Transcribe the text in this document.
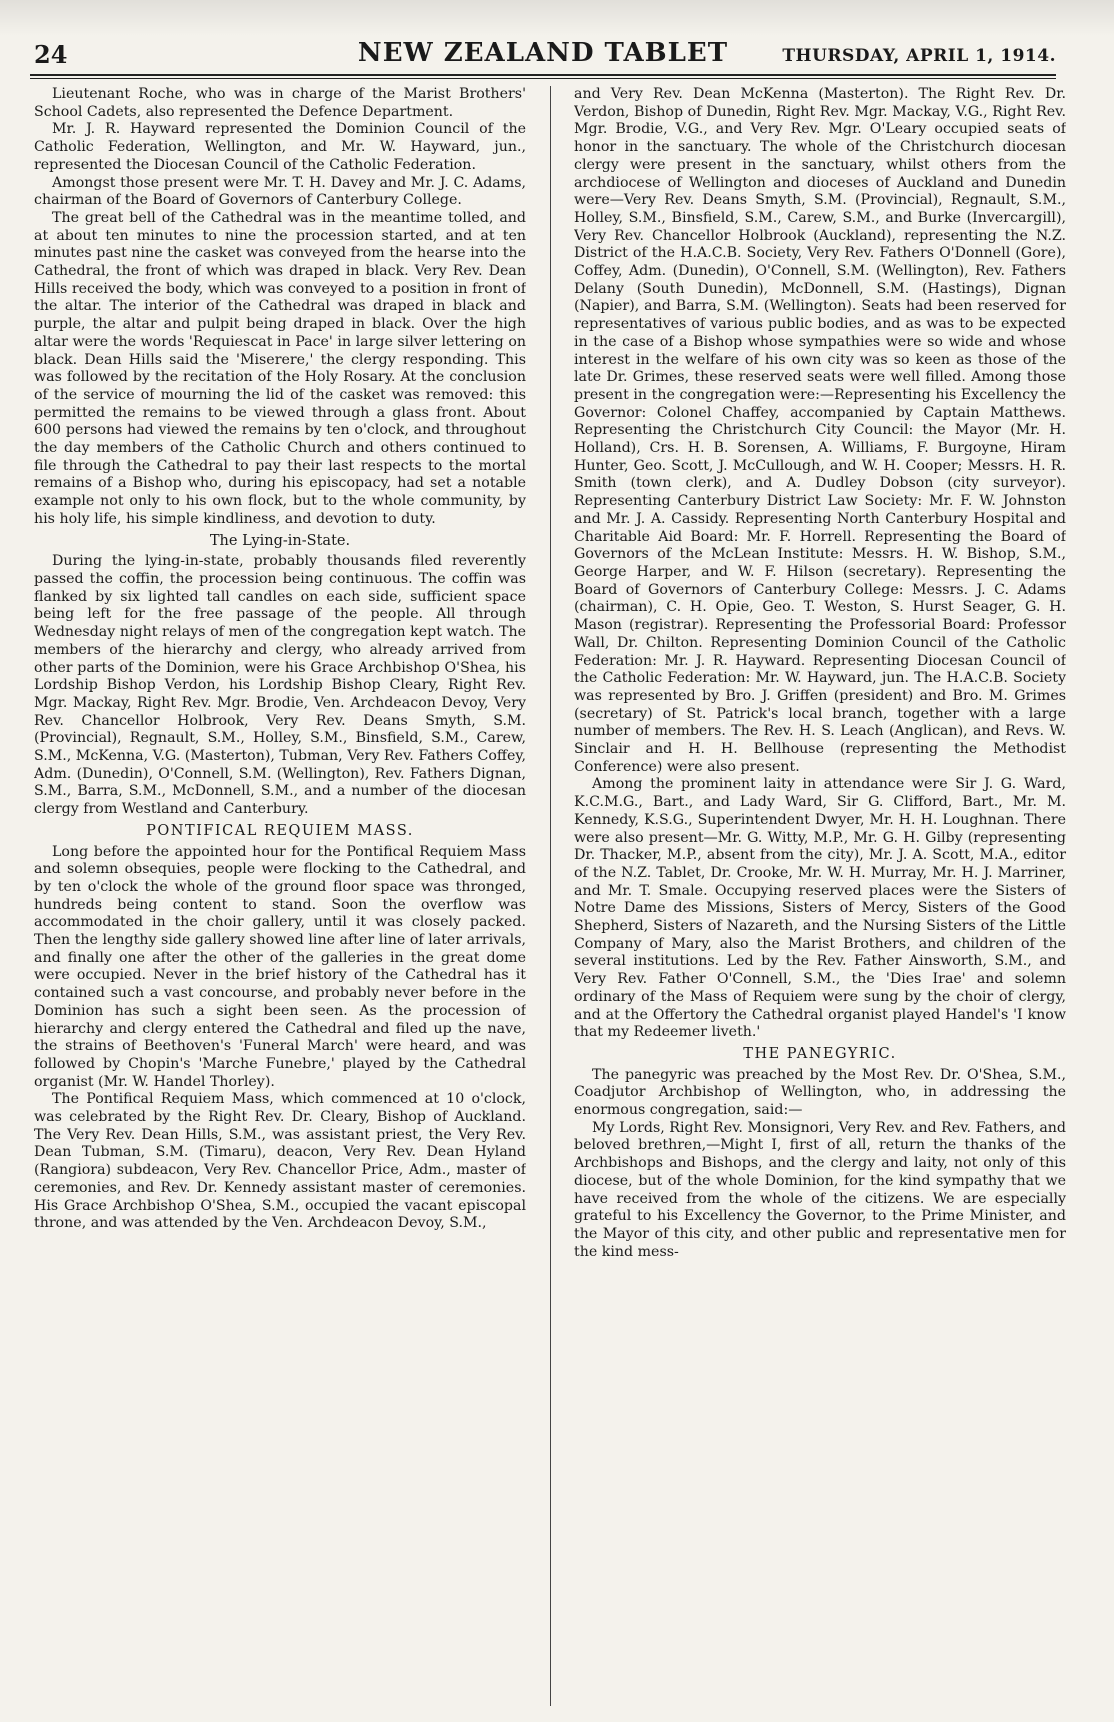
24	NEW ZEALAND TABLET	THURSDAY, APRIL 1, 1914.

Lieutenant Roche, who was in charge of the Marist Brothers' School Cadets, also represented the Defence Department.

Mr. J. R. Hayward represented the Dominion Council of the Catholic Federation, Wellington, and Mr. W. Hayward, jun., represented the Diocesan Council of the Catholic Federation.

Amongst those present were Mr. T. H. Davey and Mr. J. C. Adams, chairman of the Board of Governors of Canterbury College.

The great bell of the Cathedral was in the meantime tolled, and at about ten minutes to nine the procession started, and at ten minutes past nine the casket was conveyed from the hearse into the Cathedral, the front of which was draped in black. Very Rev. Dean Hills received the body, which was conveyed to a position in front of the altar. The interior of the Cathedral was draped in black and purple, the altar and pulpit being draped in black. Over the high altar were the words 'Requiescat in Pace' in large silver lettering on black. Dean Hills said the 'Miserere,' the clergy responding. This was followed by the recitation of the Holy Rosary. At the conclusion of the service of mourning the lid of the casket was removed: this permitted the remains to be viewed through a glass front. About 600 persons had viewed the remains by ten o'clock, and throughout the day members of the Catholic Church and others continued to file through the Cathedral to pay their last respects to the mortal remains of a Bishop who, during his episcopacy, had set a notable example not only to his own flock, but to the whole community, by his holy life, his simple kindliness, and devotion to duty.

The Lying-in-State.

During the lying-in-state, probably thousands filed reverently passed the coffin, the procession being continuous. The coffin was flanked by six lighted tall candles on each side, sufficient space being left for the free passage of the people. All through Wednesday night relays of men of the congregation kept watch. The members of the hierarchy and clergy, who already arrived from other parts of the Dominion, were his Grace Archbishop O'Shea, his Lordship Bishop Verdon, his Lordship Bishop Cleary, Right Rev. Mgr. Mackay, Right Rev. Mgr. Brodie, Ven. Archdeacon Devoy, Very Rev. Chancellor Holbrook, Very Rev. Deans Smyth, S.M. (Provincial), Regnault, S.M., Holley, S.M., Binsfield, S.M., Carew, S.M., McKenna, V.G. (Masterton), Tubman, Very Rev. Fathers Coffey, Adm. (Dunedin), O'Connell, S.M. (Wellington), Rev. Fathers Dignan, S.M., Barra, S.M., McDonnell, S.M., and a number of the diocesan clergy from Westland and Canterbury.

PONTIFICAL REQUIEM MASS.

Long before the appointed hour for the Pontifical Requiem Mass and solemn obsequies, people were flocking to the Cathedral, and by ten o'clock the whole of the ground floor space was thronged, hundreds being content to stand. Soon the overflow was accommodated in the choir gallery, until it was closely packed. Then the lengthy side gallery showed line after line of later arrivals, and finally one after the other of the galleries in the great dome were occupied. Never in the brief history of the Cathedral has it contained such a vast concourse, and probably never before in the Dominion has such a sight been seen. As the procession of hierarchy and clergy entered the Cathedral and filed up the nave, the strains of Beethoven's 'Funeral March' were heard, and was followed by Chopin's 'Marche Funebre,' played by the Cathedral organist (Mr. W. Handel Thorley).

The Pontifical Requiem Mass, which commenced at 10 o'clock, was celebrated by the Right Rev. Dr. Cleary, Bishop of Auckland. The Very Rev. Dean Hills, S.M., was assistant priest, the Very Rev. Dean Tubman, S.M. (Timaru), deacon, Very Rev. Dean Hyland (Rangiora) subdeacon, Very Rev. Chancellor Price, Adm., master of ceremonies, and Rev. Dr. Kennedy assistant master of ceremonies. His Grace Archbishop O'Shea, S.M., occupied the vacant episcopal throne, and was attended by the Ven. Archdeacon Devoy, S.M.,

and Very Rev. Dean McKenna (Masterton). The Right Rev. Dr. Verdon, Bishop of Dunedin, Right Rev. Mgr. Mackay, V.G., Right Rev. Mgr. Brodie, V.G., and Very Rev. Mgr. O'Leary occupied seats of honor in the sanctuary. The whole of the Christchurch diocesan clergy were present in the sanctuary, whilst others from the archdiocese of Wellington and dioceses of Auckland and Dunedin were—Very Rev. Deans Smyth, S.M. (Provincial), Regnault, S.M., Holley, S.M., Binsfield, S.M., Carew, S.M., and Burke (Invercargill), Very Rev. Chancellor Holbrook (Auckland), representing the N.Z. District of the H.A.C.B. Society, Very Rev. Fathers O'Donnell (Gore), Coffey, Adm. (Dunedin), O'Connell, S.M. (Wellington), Rev. Fathers Delany (South Dunedin), McDonnell, S.M. (Hastings), Dignan (Napier), and Barra, S.M. (Wellington). Seats had been reserved for representatives of various public bodies, and as was to be expected in the case of a Bishop whose sympathies were so wide and whose interest in the welfare of his own city was so keen as those of the late Dr. Grimes, these reserved seats were well filled. Among those present in the congregation were:—Representing his Excellency the Governor: Colonel Chaffey, accompanied by Captain Matthews. Representing the Christchurch City Council: the Mayor (Mr. H. Holland), Crs. H. B. Sorensen, A. Williams, F. Burgoyne, Hiram Hunter, Geo. Scott, J. McCullough, and W. H. Cooper; Messrs. H. R. Smith (town clerk), and A. Dudley Dobson (city surveyor). Representing Canterbury District Law Society: Mr. F. W. Johnston and Mr. J. A. Cassidy. Representing North Canterbury Hospital and Charitable Aid Board: Mr. F. Horrell. Representing the Board of Governors of the McLean Institute: Messrs. H. W. Bishop, S.M., George Harper, and W. F. Hilson (secretary). Representing the Board of Governors of Canterbury College: Messrs. J. C. Adams (chairman), C. H. Opie, Geo. T. Weston, S. Hurst Seager, G. H. Mason (registrar). Representing the Professorial Board: Professor Wall, Dr. Chilton. Representing Dominion Council of the Catholic Federation: Mr. J. R. Hayward. Representing Diocesan Council of the Catholic Federation: Mr. W. Hayward, jun. The H.A.C.B. Society was represented by Bro. J. Griffen (president) and Bro. M. Grimes (secretary) of St. Patrick's local branch, together with a large number of members. The Rev. H. S. Leach (Anglican), and Revs. W. Sinclair and H. H. Bellhouse (representing the Methodist Conference) were also present.

Among the prominent laity in attendance were Sir J. G. Ward, K.C.M.G., Bart., and Lady Ward, Sir G. Clifford, Bart., Mr. M. Kennedy, K.S.G., Superintendent Dwyer, Mr. H. H. Loughnan. There were also present—Mr. G. Witty, M.P., Mr. G. H. Gilby (representing Dr. Thacker, M.P., absent from the city), Mr. J. A. Scott, M.A., editor of the N.Z. Tablet, Dr. Crooke, Mr. W. H. Murray, Mr. H. J. Marriner, and Mr. T. Smale. Occupying reserved places were the Sisters of Notre Dame des Missions, Sisters of Mercy, Sisters of the Good Shepherd, Sisters of Nazareth, and the Nursing Sisters of the Little Company of Mary, also the Marist Brothers, and children of the several institutions. Led by the Rev. Father Ainsworth, S.M., and Very Rev. Father O'Connell, S.M., the 'Dies Irae' and solemn ordinary of the Mass of Requiem were sung by the choir of clergy, and at the Offertory the Cathedral organist played Handel's 'I know that my Redeemer liveth.'

THE PANEGYRIC.

The panegyric was preached by the Most Rev. Dr. O'Shea, S.M., Coadjutor Archbishop of Wellington, who, in addressing the enormous congregation, said:—

My Lords, Right Rev. Monsignori, Very Rev. and Rev. Fathers, and beloved brethren,—Might I, first of all, return the thanks of the Archbishops and Bishops, and the clergy and laity, not only of this diocese, but of the whole Dominion, for the kind sympathy that we have received from the whole of the citizens. We are especially grateful to his Excellency the Governor, to the Prime Minister, and the Mayor of this city, and other public and representative men for the kind mess-
